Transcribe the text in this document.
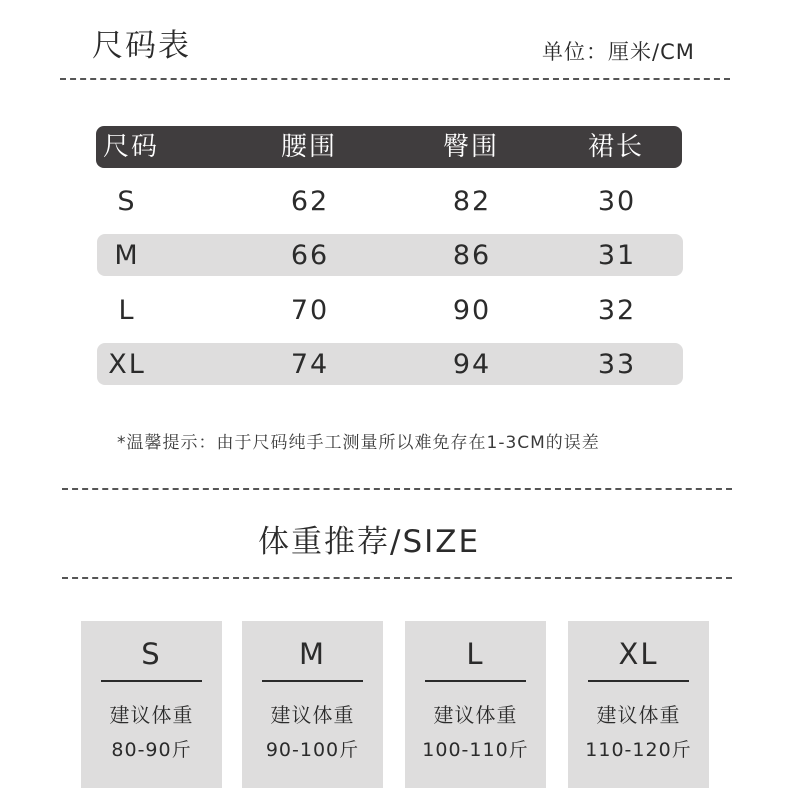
尺码表	单位：厘米/CM
尺码	腰围	臀围	裙长
S	62	82	30
M	66	86	31
L	70	90	32
XL	74	94	33
*温馨提示：由于尺码纯手工测量所以难免存在1-3CM的误差
体重推荐/SIZE
S
建议体重
80-90斤
M
建议体重
90-100斤
L
建议体重
100-110斤
XL
建议体重
110-120斤
